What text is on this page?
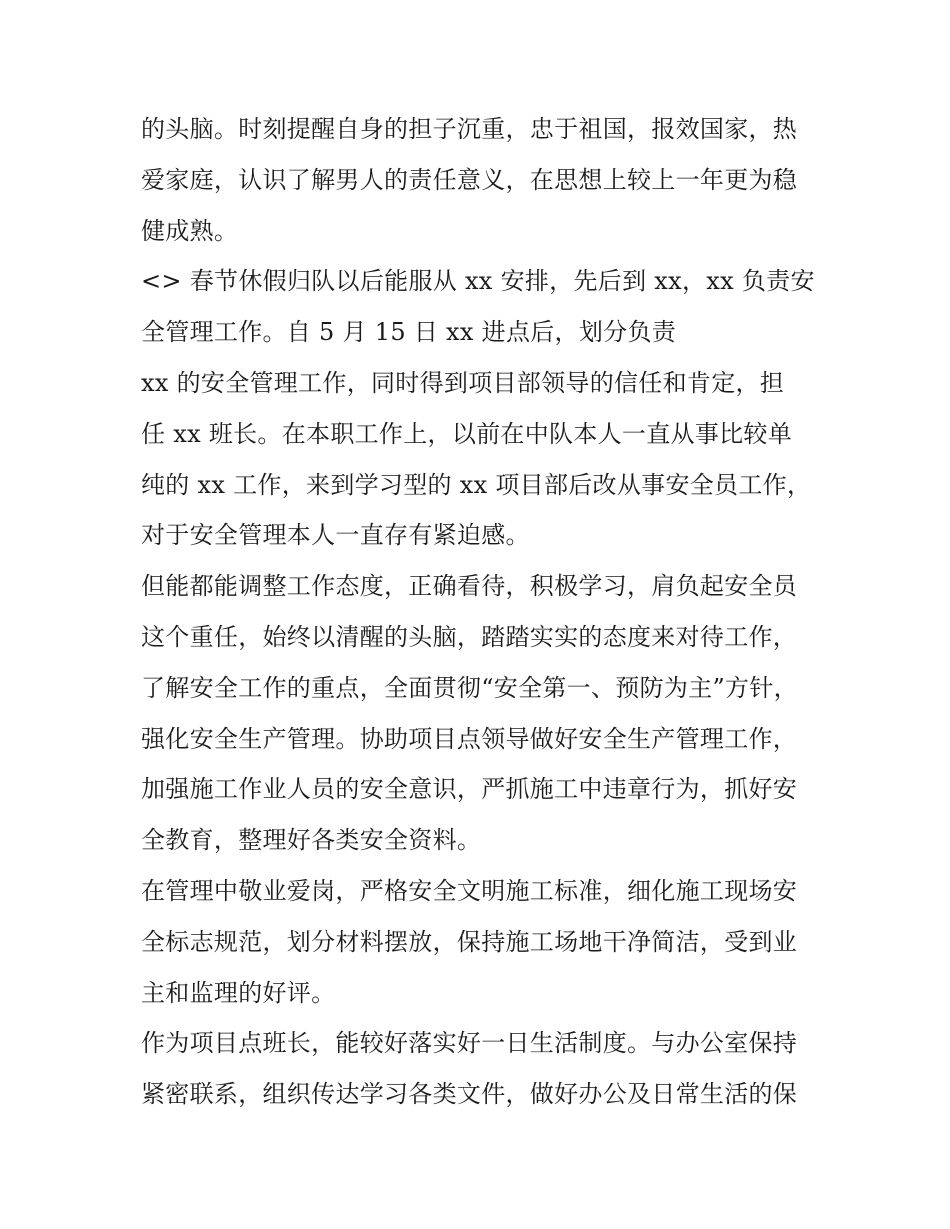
的头脑。时刻提醒自身的担子沉重，忠于祖国，报效国家，热
爱家庭，认识了解男人的责任意义，在思想上较上一年更为稳
健成熟。
<> 春节休假归队以后能服从 xx 安排，先后到 xx，xx 负责安
全管理工作。自 5 月 15 日 xx 进点后，划分负责
xx 的安全管理工作，同时得到项目部领导的信任和肯定，担
任 xx 班长。在本职工作上，以前在中队本人一直从事比较单
纯的 xx 工作，来到学习型的 xx 项目部后改从事安全员工作，
对于安全管理本人一直存有紧迫感。
但能都能调整工作态度，正确看待，积极学习，肩负起安全员
这个重任，始终以清醒的头脑，踏踏实实的态度来对待工作，
了解安全工作的重点，全面贯彻“安全第一、预防为主”方针，
强化安全生产管理。协助项目点领导做好安全生产管理工作，
加强施工作业人员的安全意识，严抓施工中违章行为，抓好安
全教育，整理好各类安全资料。
在管理中敬业爱岗，严格安全文明施工标准，细化施工现场安
全标志规范，划分材料摆放，保持施工场地干净简洁，受到业
主和监理的好评。
作为项目点班长，能较好落实好一日生活制度。与办公室保持
紧密联系，组织传达学习各类文件，做好办公及日常生活的保
